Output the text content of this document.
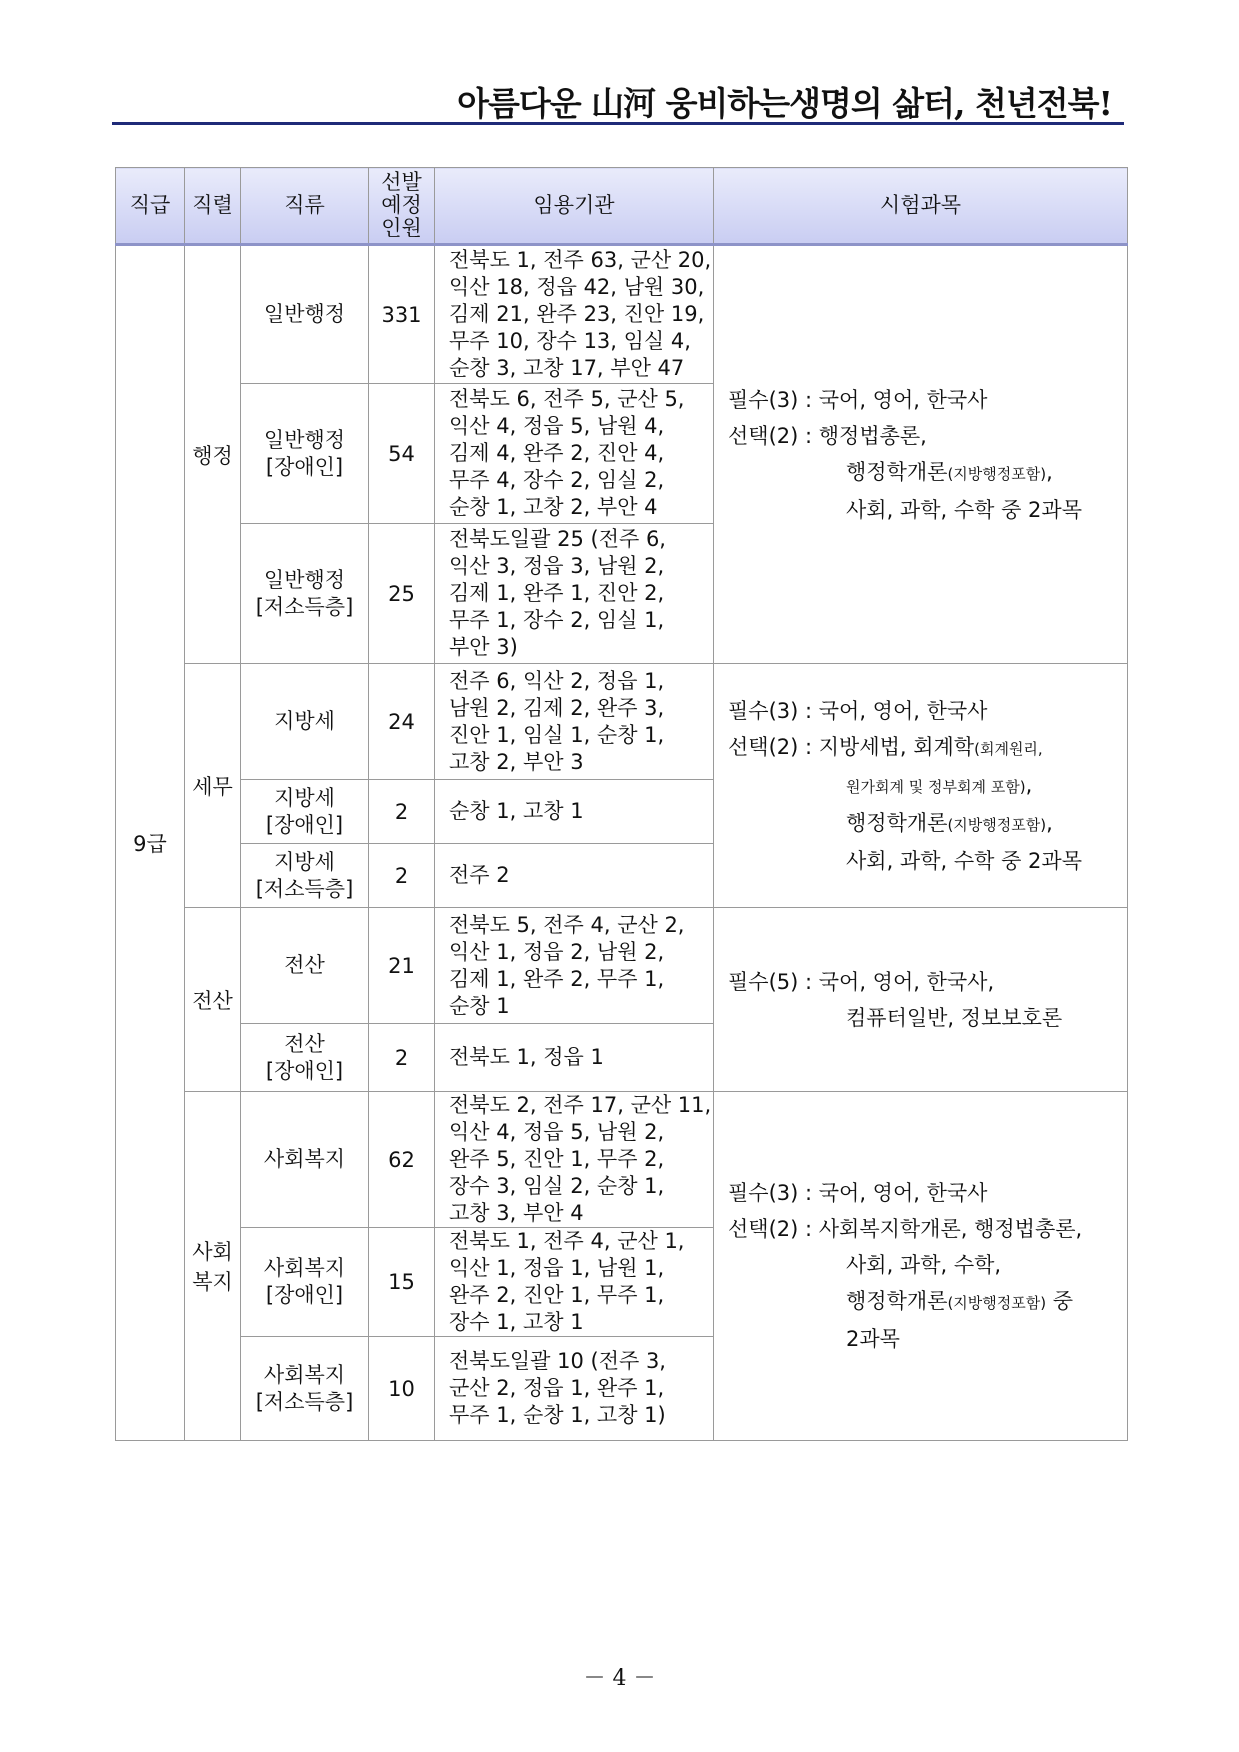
아름다운 山河 웅비하는생명의 삶터, 천년전북!
직급	직렬	직류	선발
예정
인원	임용기관	시험과목
9급	행정	일반행정	331	전북도 1, 전주 63, 군산 20,
익산 18, 정읍 42, 남원 30,
김제 21, 완주 23, 진안 19,
무주 10, 장수 13, 임실 4,
순창 3, 고창 17, 부안 47	필수(3) : 국어, 영어, 한국사
선택(2) : 행정법총론,
행정학개론(지방행정포함),
사회, 과학, 수학 중 2과목

		일반행정
[장애인]	54	전북도 6, 전주 5, 군산 5,
익산 4, 정읍 5, 남원 4,
김제 4, 완주 2, 진안 4,
무주 4, 장수 2, 임실 2,
순창 1, 고창 2, 부안 4	

		일반행정
[저소득층]	25	전북도일괄 25 (전주 6,
익산 3, 정읍 3, 남원 2,
김제 1, 완주 1, 진안 2,
무주 1, 장수 2, 임실 1,
부안 3)	

	세무	지방세	24	전주 6, 익산 2, 정읍 1,
남원 2, 김제 2, 완주 3,
진안 1, 임실 1, 순창 1,
고창 2, 부안 3	필수(3) : 국어, 영어, 한국사
선택(2) : 지방세법, 회계학(회계원리,
원가회계 및 정부회계 포함),
행정학개론(지방행정포함),
사회, 과학, 수학 중 2과목

		지방세
[장애인]	2	순창 1, 고창 1	

		지방세
[저소득층]	2	전주 2	

	전산	전산	21	전북도 5, 전주 4, 군산 2,
익산 1, 정읍 2, 남원 2,
김제 1, 완주 2, 무주 1,
순창 1	필수(5) : 국어, 영어, 한국사,
컴퓨터일반, 정보보호론

		전산
[장애인]	2	전북도 1, 정읍 1	

	사회
복지	사회복지	62	전북도 2, 전주 17, 군산 11,
익산 4, 정읍 5, 남원 2,
완주 5, 진안 1, 무주 2,
장수 3, 임실 2, 순창 1,
고창 3, 부안 4	필수(3) : 국어, 영어, 한국사
선택(2) : 사회복지학개론, 행정법총론,
사회, 과학, 수학,
행정학개론(지방행정포함) 중
2과목

		사회복지
[장애인]	15	전북도 1, 전주 4, 군산 1,
익산 1, 정읍 1, 남원 1,
완주 2, 진안 1, 무주 1,
장수 1, 고창 1	

		사회복지
[저소득층]	10	전북도일괄 10 (전주 3,
군산 2, 정읍 1, 완주 1,
무주 1, 순창 1, 고창 1)	
－ 4 －
